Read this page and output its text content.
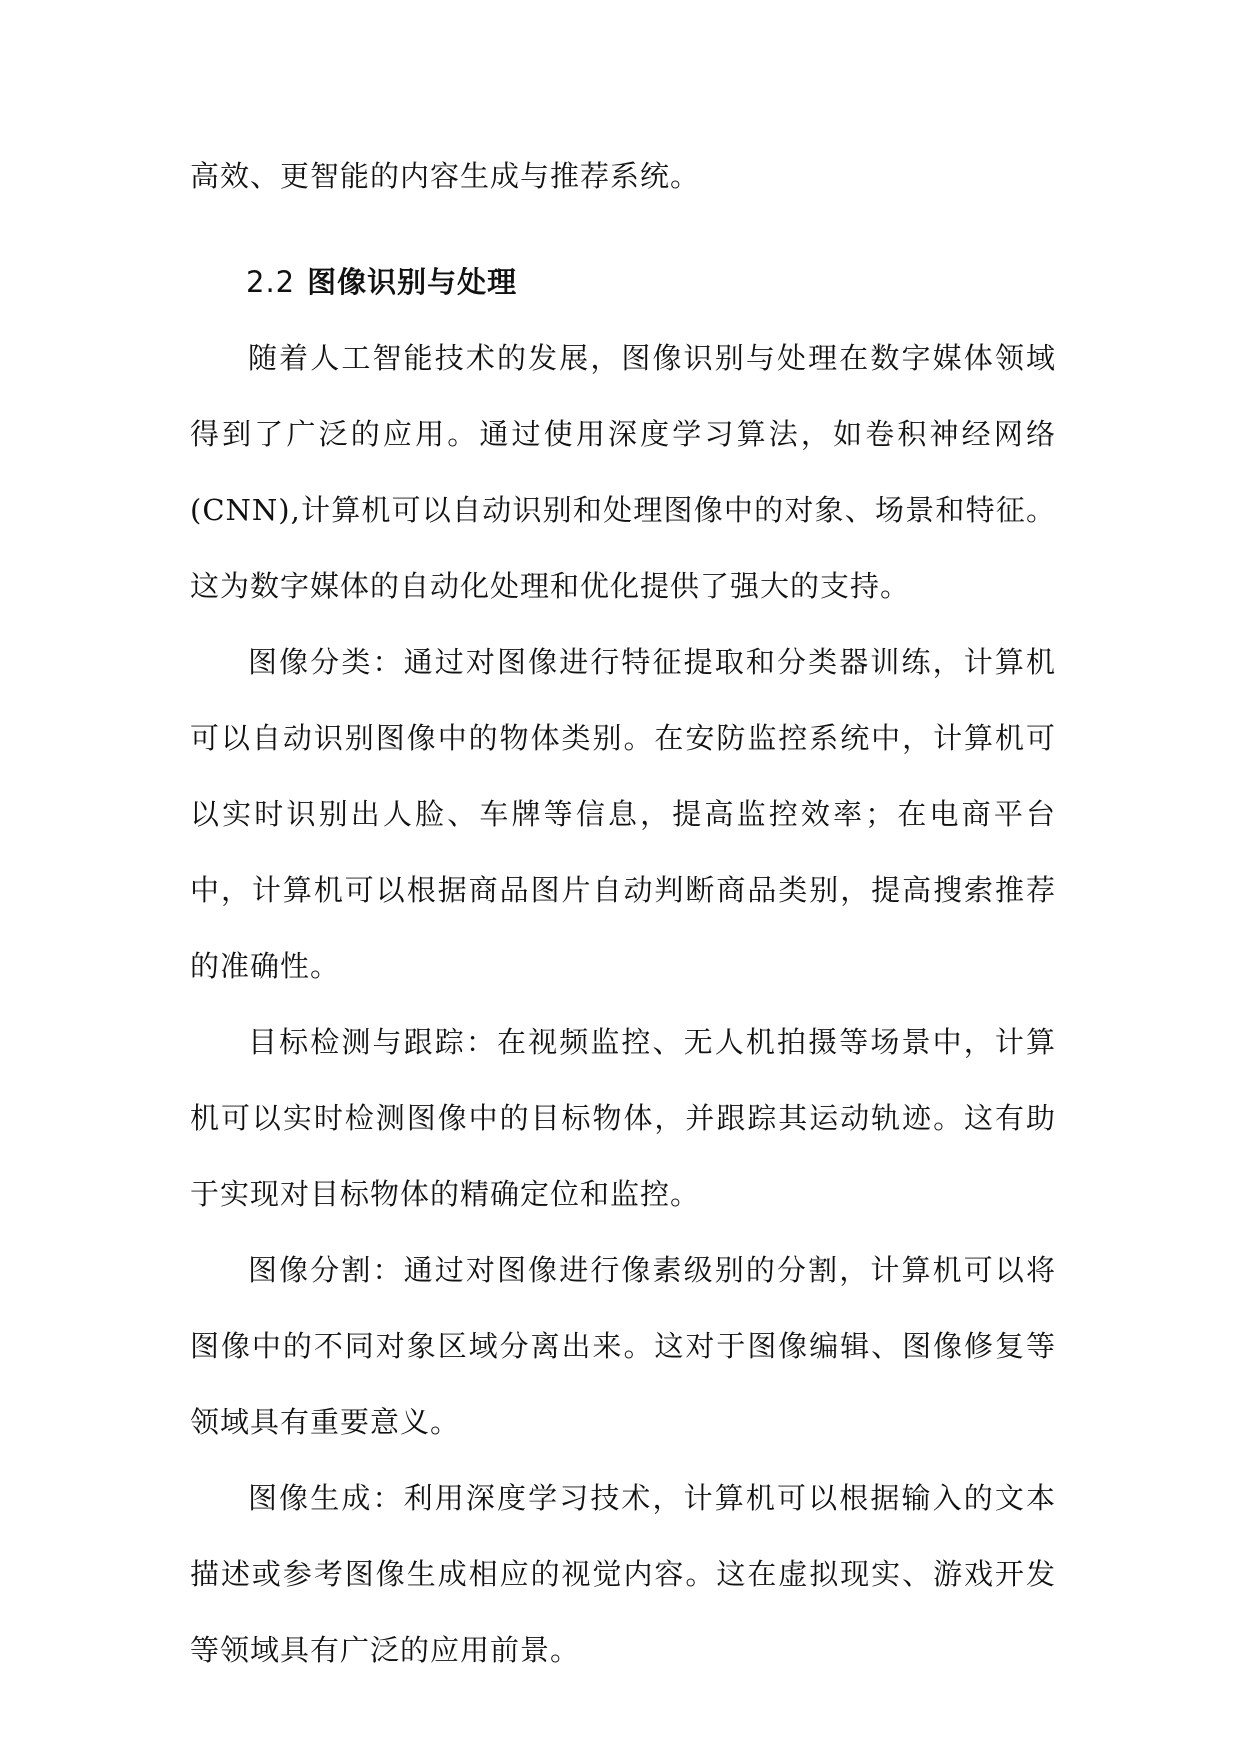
高效、更智能的内容生成与推荐系统。

2.2 图像识别与处理

随着人工智能技术的发展，图像识别与处理在数字媒体领域得到了广泛的应用。通过使用深度学习算法，如卷积神经网络(CNN),计算机可以自动识别和处理图像中的对象、场景和特征。这为数字媒体的自动化处理和优化提供了强大的支持。

图像分类：通过对图像进行特征提取和分类器训练，计算机可以自动识别图像中的物体类别。在安防监控系统中，计算机可以实时识别出人脸、车牌等信息，提高监控效率；在电商平台中，计算机可以根据商品图片自动判断商品类别，提高搜索推荐的准确性。

目标检测与跟踪：在视频监控、无人机拍摄等场景中，计算机可以实时检测图像中的目标物体，并跟踪其运动轨迹。这有助于实现对目标物体的精确定位和监控。

图像分割：通过对图像进行像素级别的分割，计算机可以将图像中的不同对象区域分离出来。这对于图像编辑、图像修复等领域具有重要意义。

图像生成：利用深度学习技术，计算机可以根据输入的文本描述或参考图像生成相应的视觉内容。这在虚拟现实、游戏开发等领域具有广泛的应用前景。
